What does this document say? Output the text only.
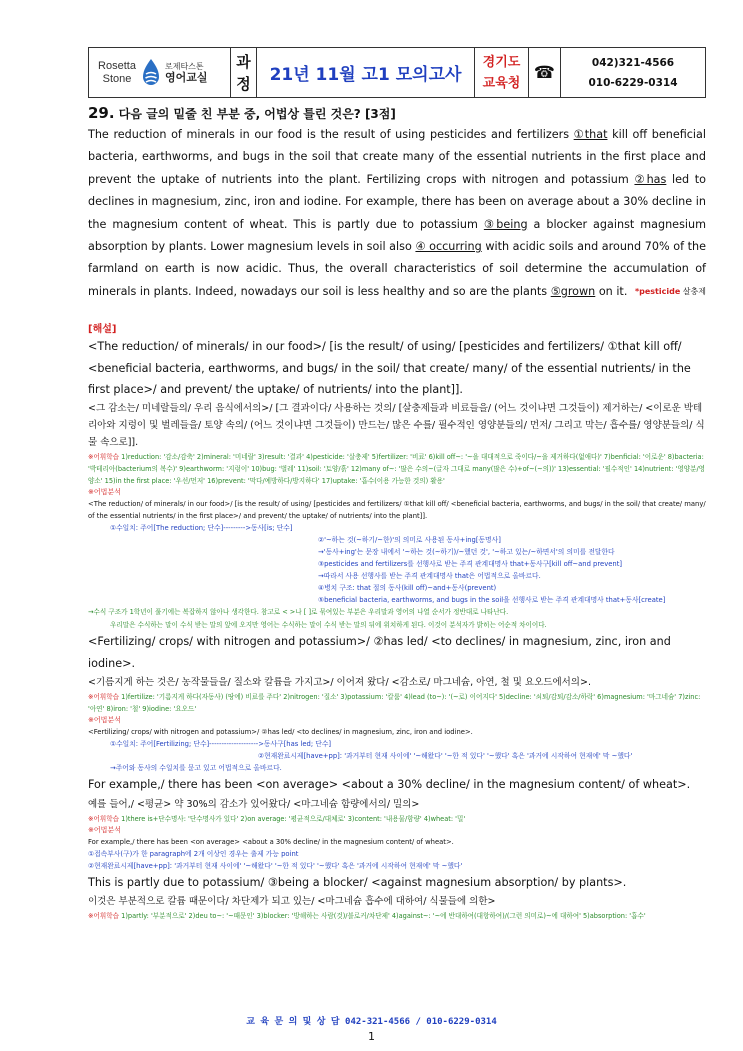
Rosetta
Stone
로제타스톤
영어교실
과
정	21년 11월 고1 모의고사
경기도
교육청
☎	042)321-4566
010-6229-0314

29. 다음 글의 밑줄 친 부분 중, 어법상 틀린 것은? [3점]

The reduction of minerals in our food is the result of using pesticides and fertilizers ①that kill off beneficial bacteria, earthworms, and bugs in the soil that create many of the essential nutrients in the first place and prevent the uptake of nutrients into the plant. Fertilizing crops with nitrogen and potassium ②has led to declines in magnesium, zinc, iron and iodine. For example, there has been on average about a 30% decline in the magnesium content of wheat. This is partly due to potassium ③being a blocker against magnesium absorption by plants. Lower magnesium levels in soil also ④ occurring with acidic soils and around 70% of the farmland on earth is now acidic. Thus, the overall characteristics of soil determine the accumulation of minerals in plants. Indeed, nowadays our soil is less healthy and so are the plants ⑤grown on it. *pesticide 살충제

[해설]

<The reduction/ of minerals/ in our food>/ [is the result/ of using/ [pesticides and fertilizers/ ①that kill off/ <beneficial bacteria, earthworms, and bugs/ in the soil/ that create/ many/ of the essential nutrients/ in the first place>/ and prevent/ the uptake/ of nutrients/ into the plant]].

<그 감소는/ 미네랄들의/ 우리 음식에서의>/ [그 결과이다/ 사용하는 것의/ [살충제들과 비료들을/ (어느 것이냐면 그것들이) 제거하는/ <이로운 박테리아와 지렁이 및 벌레들을/ 토양 속의/ (어느 것이냐면 그것들이) 만드는/ 많은 수를/ 필수적인 영양분들의/ 먼저/ 그리고 막는/ 흡수를/ 영양분들의/ 식물 속으로]].

※어휘학습 1)reduction: '감소/감축' 2)mineral: '미네랄' 3)result: '결과' 4)pesticide: '살충제' 5)fertilizer: '비료' 6)kill off~: '~을 대대적으로 죽이다/~을 제거하다(없애다)' 7)benficial: '이로운' 8)bacteria: '박테리아(bacterium의 복수)' 9)earthworm: '지렁이' 10)bug: '벌레' 11)soil: '토양/흙' 12)many of~: '많은 수의~(글자 그대로 many(많은 수)+of~(~의))' 13)essential: '필수적인' 14)nutrient: '영양분/영양소' 15)in the first place: '우선/먼저' 16)prevent: '막다/예방하다/방지하다' 17)uptake: '흡수(이용 가능한 것의) 활용'

※어법분석

<The reduction/ of minerals/ in our food>/ [is the result/ of using/ [pesticides and fertilizers/ ①that kill off/ <beneficial bacteria, earthworms, and bugs/ in the soil/ that create/ many/ of the essential nutrients/ in the first place>/ and prevent/ the uptake/ of nutrients/ into the plant]].

①수일치: 주어[The reduction; 단수]--------->동사[is; 단수]

②'~하는 것(~하기/~한)'의 의미로 사용된 동사+ing[동명사]

→'동사+ing'는 문장 내에서 '~하는 것(~하기)/~했던 것', '~하고 있는/~하면서'의 의미를 전달한다

③pesticides and fertilizers를 선행사로 받는 주격 관계대명사 that+동사구[kill off~and prevent]

→따라서 사용 선행사를 받는 주격 관계대명사 that은 어법적으로 올바르다.

④병치 구조: that 절의 동사(kill off)~and+동사(prevent)

⑤beneficial bacteria, earthworms, and bugs in the soil을 선행사로 받는 주격 관계대명사 that+동사[create]

→수식 구조가 1학년이 풀기에는 복잡하지 않아나 생각한다. 참고로 < >나 [ ]로 묶여있는 부분은 우리말과 영어의 나열 순서가 정반대로 나타난다.

우리말은 수식하는 말이 수식 받는 말의 앞에 오지만 영어는 수식하는 말이 수식 받는 말의 뒤에 위치하게 된다. 이것이 분석자가 밝히는 어순적 차이이다.

<Fertilizing/ crops/ with nitrogen and potassium>/ ②has led/ <to declines/ in magnesium, zinc, iron and iodine>.

<기름지게 하는 것은/ 농작물들을/ 질소와 칼륨을 가지고>/ 이어져 왔다/ <감소로/ 마그네슘, 아연, 철 및 요오드에서의>.

※어휘학습 1)fertilize: '기름지게 하다(자동사) (땅에) 비료를 주다' 2)nitrogen: '질소' 3)potassium: '칼륨' 4)lead (to~): '(~로) 이어지다' 5)decline: '쇠퇴/감퇴/감소/하락' 6)magnesium: '마그네슘' 7)zinc: '아연' 8)iron: '철' 9)iodine: '요오드'

※어법분석

<Fertilizing/ crops/ with nitrogen and potassium>/ ②has led/ <to declines/ in magnesium, zinc, iron and iodine>.

①수일치: 주어[Fertilizing; 단수]-------------------->동사구[has led; 단수]

②현재완료시제[have+pp]: '과거부터 현재 사이에' '~해왔다' '~한 적 있다' '~했다' 혹은 '과거에 시작하여 현재에' 막 ~했다'

→주어와 동사의 수일치를 묻고 있고 어법적으로 올바르다.

For example,/ there has been <on average> <about a 30% decline/ in the magnesium content/ of wheat>.

예를 들어,/ <평균> 약 30%의 감소가 있어왔다/ <마그네슘 함량에서의/ 밀의>

※어휘학습 1)there is+단수명사: '단수명사가 있다' 2)on average: '평균적으로/대체로' 3)content: '내용물/함량' 4)wheat: '밀'

※어법분석

For example,/ there has been <on average> <about a 30% decline/ in the magnesium content/ of wheat>.

①접속부사(구)가 한 paragraph에 2개 이상인 경우는 출제 가능 point

②현재완료시제[have+pp]: '과거부터 현재 사이에' '~해왔다' '~한 적 있다' '~했다' 혹은 '과거에 시작하여 현재에' 막 ~했다'

This is partly due to potassium/ ③being a blocker/ <against magnesium absorption/ by plants>.

이것은 부분적으로 칼륨 때문이다/ 차단제가 되고 있는/ <마그네슘 흡수에 대하여/ 식물들에 의한>

※어휘학습 1)partly: '부분적으로' 2)deu to~: '~때문인' 3)blocker: '방해하는 사람(것)/블로커/차단제' 4)against~: '~에 반대하여(대항하여)/(그런 의미로)~에 대하여' 5)absorption: '흡수'

교 육 문 의 및 상 담 042-321-4566 / 010-6229-0314
1
